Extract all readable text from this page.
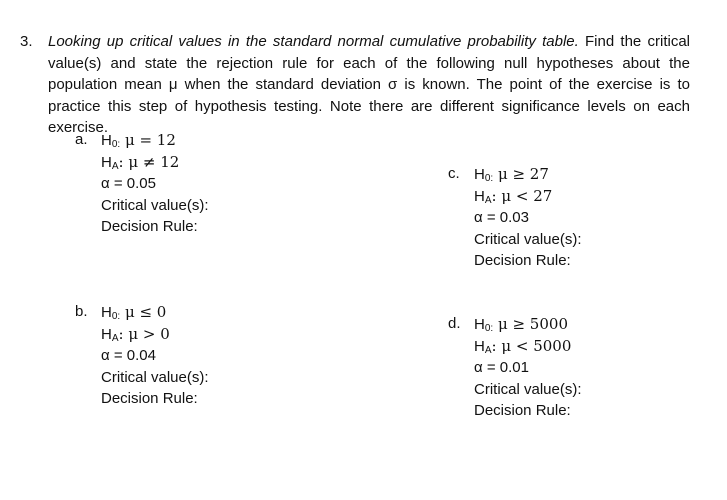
3. Looking up critical values in the standard normal cumulative probability table. Find the critical value(s) and state the rejection rule for each of the following null hypotheses about the population mean μ when the standard deviation σ is known. The point of the exercise is to practice this step of hypothesis testing. Note there are different significance levels on each exercise.
a. H0: μ = 12
HA: μ ≠ 12
α = 0.05
Critical value(s):
Decision Rule:
b. H0: μ ≤ 0
HA: μ > 0
α = 0.04
Critical value(s):
Decision Rule:
c. H0: μ ≥ 27
HA: μ < 27
α = 0.03
Critical value(s):
Decision Rule:
d. H0: μ ≥ 5000
HA: μ < 5000
α = 0.01
Critical value(s):
Decision Rule:
